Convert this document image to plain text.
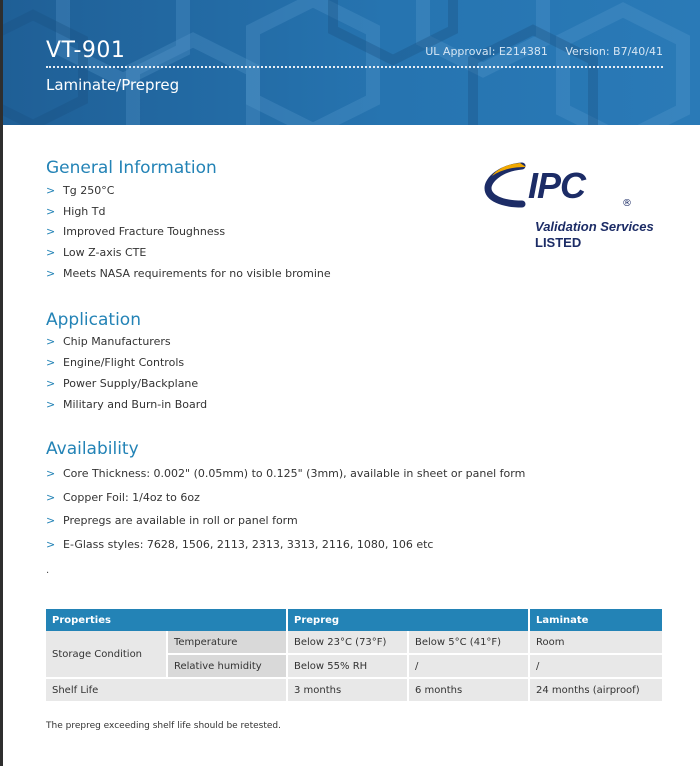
VT-901	UL Approval: E214381 Version: B7/40/41
Laminate/Prepreg
General Information
> Tg 250°C
> High Td
> Improved Fracture Toughness
> Low Z-axis CTE
> Meets NASA requirements for no visible bromine
IPC	®
Validation Services
LISTED
Application
> Chip Manufacturers
> Engine/Flight Controls
> Power Supply/Backplane
> Military and Burn-in Board
Availability
> Core Thickness: 0.002" (0.05mm) to 0.125" (3mm), available in sheet or panel form
> Copper Foil: 1/4oz to 6oz
> Prepregs are available in roll or panel form
> E-Glass styles: 7628, 1506, 2113, 2313, 3313, 2116, 1080, 106 etc
.
Properties		Prepreg		Laminate
Storage Condition	Temperature	Below 23°C (73°F)	Below 5°C (41°F)	Room
	Relative humidity	Below 55% RH	/	/
Shelf Life		3 months	6 months	24 months (airproof)
The prepreg exceeding shelf life should be retested.
